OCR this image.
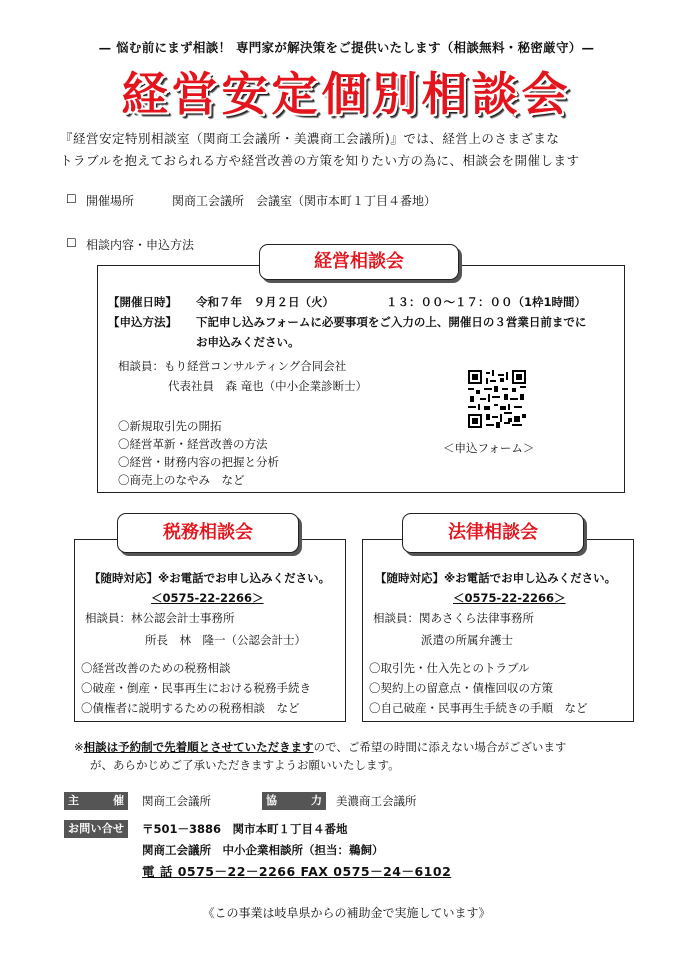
— 悩む前にまず相談！ 専門家が解決策をご提供いたします（相談無料・秘密厳守）—
経営安定個別相談会
『経営安定特別相談室（関商工会議所・美濃商工会議所)』では、経営上のさまざまな
トラブルを抱えておられる方や経営改善の方策を知りたい方の為に、相談会を開催します
☐ 開催場所	関商工会議所　会議室（関市本町１丁目４番地）
☐ 相談内容・申込方法
【開催日時】 令和７年　９月２日（火）	１３：００～１７：００（1枠1時間）
【申込方法】 下記申し込みフォームに必要事項をご入力の上、開催日の３営業日前までに
お申込みください。
相談員：もり経営コンサルティング合同会社
代表社員　森 竜也（中小企業診断士）
〇新規取引先の開拓
〇経営革新・経営改善の方法
〇経営・財務内容の把握と分析
〇商売上のなやみ　など
＜申込フォーム＞
経営相談会
【随時対応】※お電話でお申し込みください。
＜0575-22-2266＞
相談員：林公認会計士事務所
所長　林　隆一（公認会計士）
〇経営改善のための税務相談
〇破産・倒産・民事再生における税務手続き
〇債権者に説明するための税務相談　など
税務相談会
【随時対応】※お電話でお申し込みください。
＜0575-22-2266＞
相談員：関あさくら法律事務所
派遣の所属弁護士
〇取引先・仕入先とのトラブル
〇契約上の留意点・債権回収の方策
〇自己破産・民事再生手続きの手順　など
法律相談会
※相談は予約制で先着順とさせていただきますので、ご希望の時間に添えない場合がございます
が、あらかじめご了承いただきますようお願いいたします。
主　催	関商工会議所	協　力	美濃商工会議所
お問い合せ	〒501－3886　関市本町１丁目４番地
関商工会議所　中小企業相談所（担当：鵜飼）
電 話 0575－22－2266 FAX 0575－24－6102
《この事業は岐阜県からの補助金で実施しています》
